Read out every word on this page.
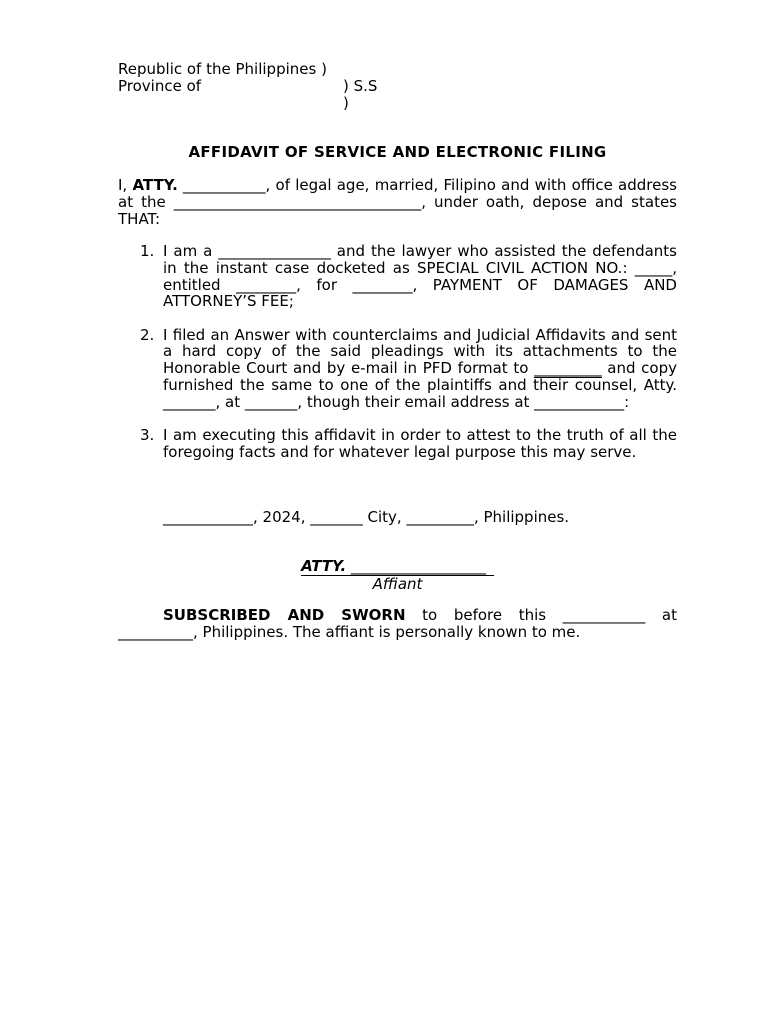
Republic of the Philippines )
Province of	) S.S
)
AFFIDAVIT OF SERVICE AND ELECTRONIC FILING

I, ATTY. ___________, of legal age, married, Filipino and with office address at the _________________________________, under oath, depose and states THAT:

1. I am a _______________ and the lawyer who assisted the defendants in the instant case docketed as SPECIAL CIVIL ACTION NO.: _____, entitled ________, for ________, PAYMENT OF DAMAGES AND ATTORNEY’S FEE;

2. I filed an Answer with counterclaims and Judicial Affidavits and sent a hard copy of the said pleadings with its attachments to the Honorable Court and by e-mail in PFD format to _________ and copy furnished the same to one of the plaintiffs and their counsel, Atty. _______, at _______, though their email address at ____________:

3. I am executing this affidavit in order to attest to the truth of all the foregoing facts and for whatever legal purpose this may serve.

____________, 2024, _______ City, _________, Philippines.
ATTY. __________________
Affiant

SUBSCRIBED AND SWORN to before this ___________ at __________, Philippines. The affiant is personally known to me.
